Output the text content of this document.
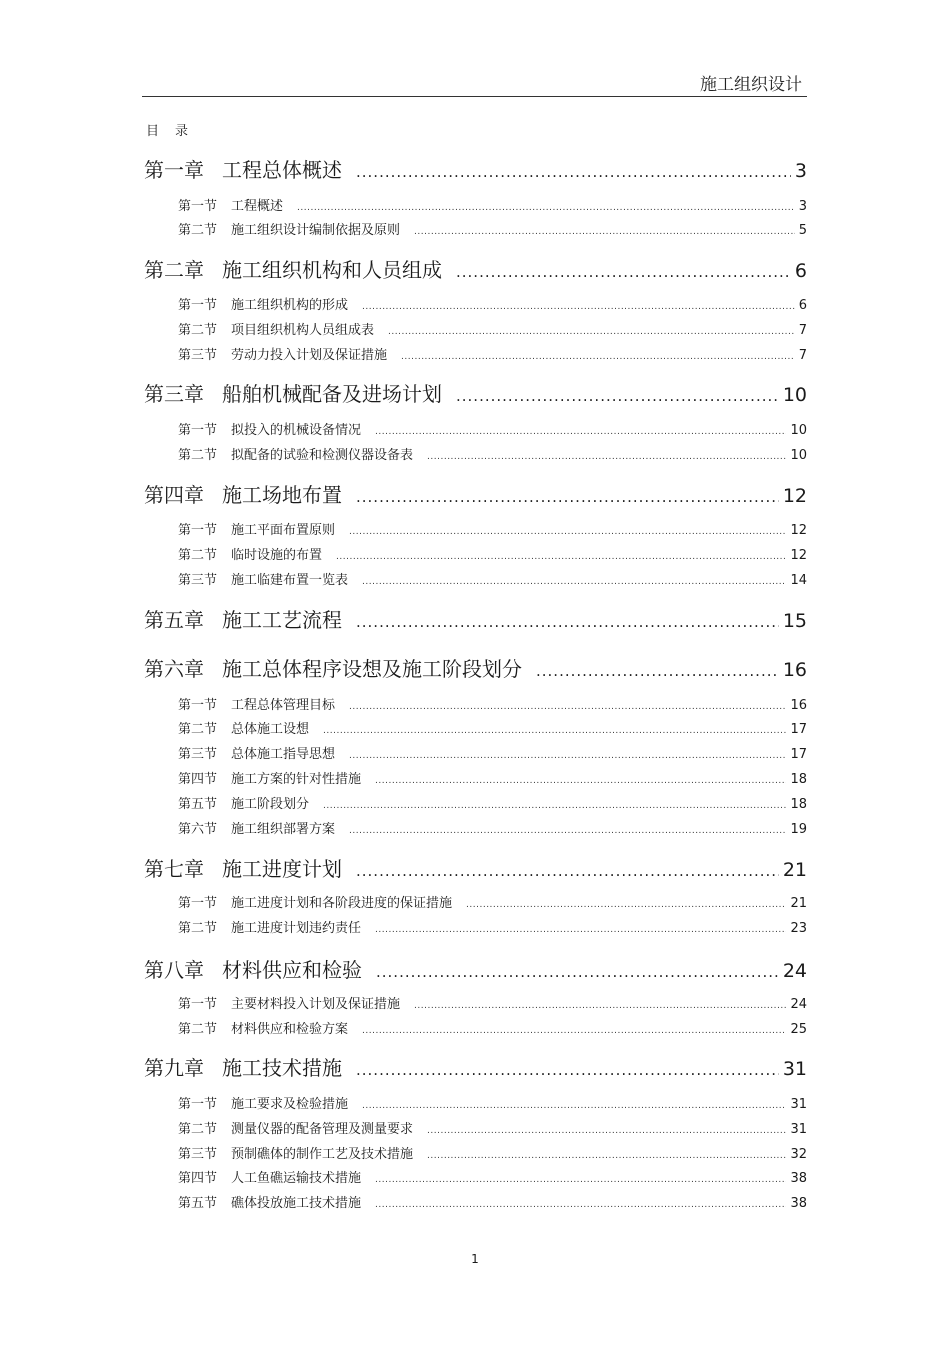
施工组织设计
目 录
第一章 工程总体概述 .....	3
第一节 工程概述 .....	3
第二节 施工组织设计编制依据及原则 .....	5
第二章 施工组织机构和人员组成 .....	6
第一节 施工组织机构的形成 .....	6
第二节 项目组织机构人员组成表 .....	7
第三节 劳动力投入计划及保证措施 .....	7
第三章 船舶机械配备及进场计划 .....	10
第一节 拟投入的机械设备情况 .....	10
第二节 拟配备的试验和检测仪器设备表 .....	10
第四章 施工场地布置 .....	12
第一节 施工平面布置原则 .....	12
第二节 临时设施的布置 .....	12
第三节 施工临建布置一览表 .....	14
第五章 施工工艺流程 .....	15
第六章 施工总体程序设想及施工阶段划分 .....	16
第一节 工程总体管理目标 .....	16
第二节 总体施工设想 .....	17
第三节 总体施工指导思想 .....	17
第四节 施工方案的针对性措施 .....	18
第五节 施工阶段划分 .....	18
第六节 施工组织部署方案 .....	19
第七章 施工进度计划 .....	21
第一节 施工进度计划和各阶段进度的保证措施 .....	21
第二节 施工进度计划违约责任 .....	23
第八章 材料供应和检验 .....	24
第一节 主要材料投入计划及保证措施 .....	24
第二节 材料供应和检验方案 .....	25
第九章 施工技术措施 .....	31
第一节 施工要求及检验措施 .....	31
第二节 测量仪器的配备管理及测量要求 .....	31
第三节 预制礁体的制作工艺及技术措施 .....	32
第四节 人工鱼礁运输技术措施 .....	38
第五节 礁体投放施工技术措施 .....	38
1
